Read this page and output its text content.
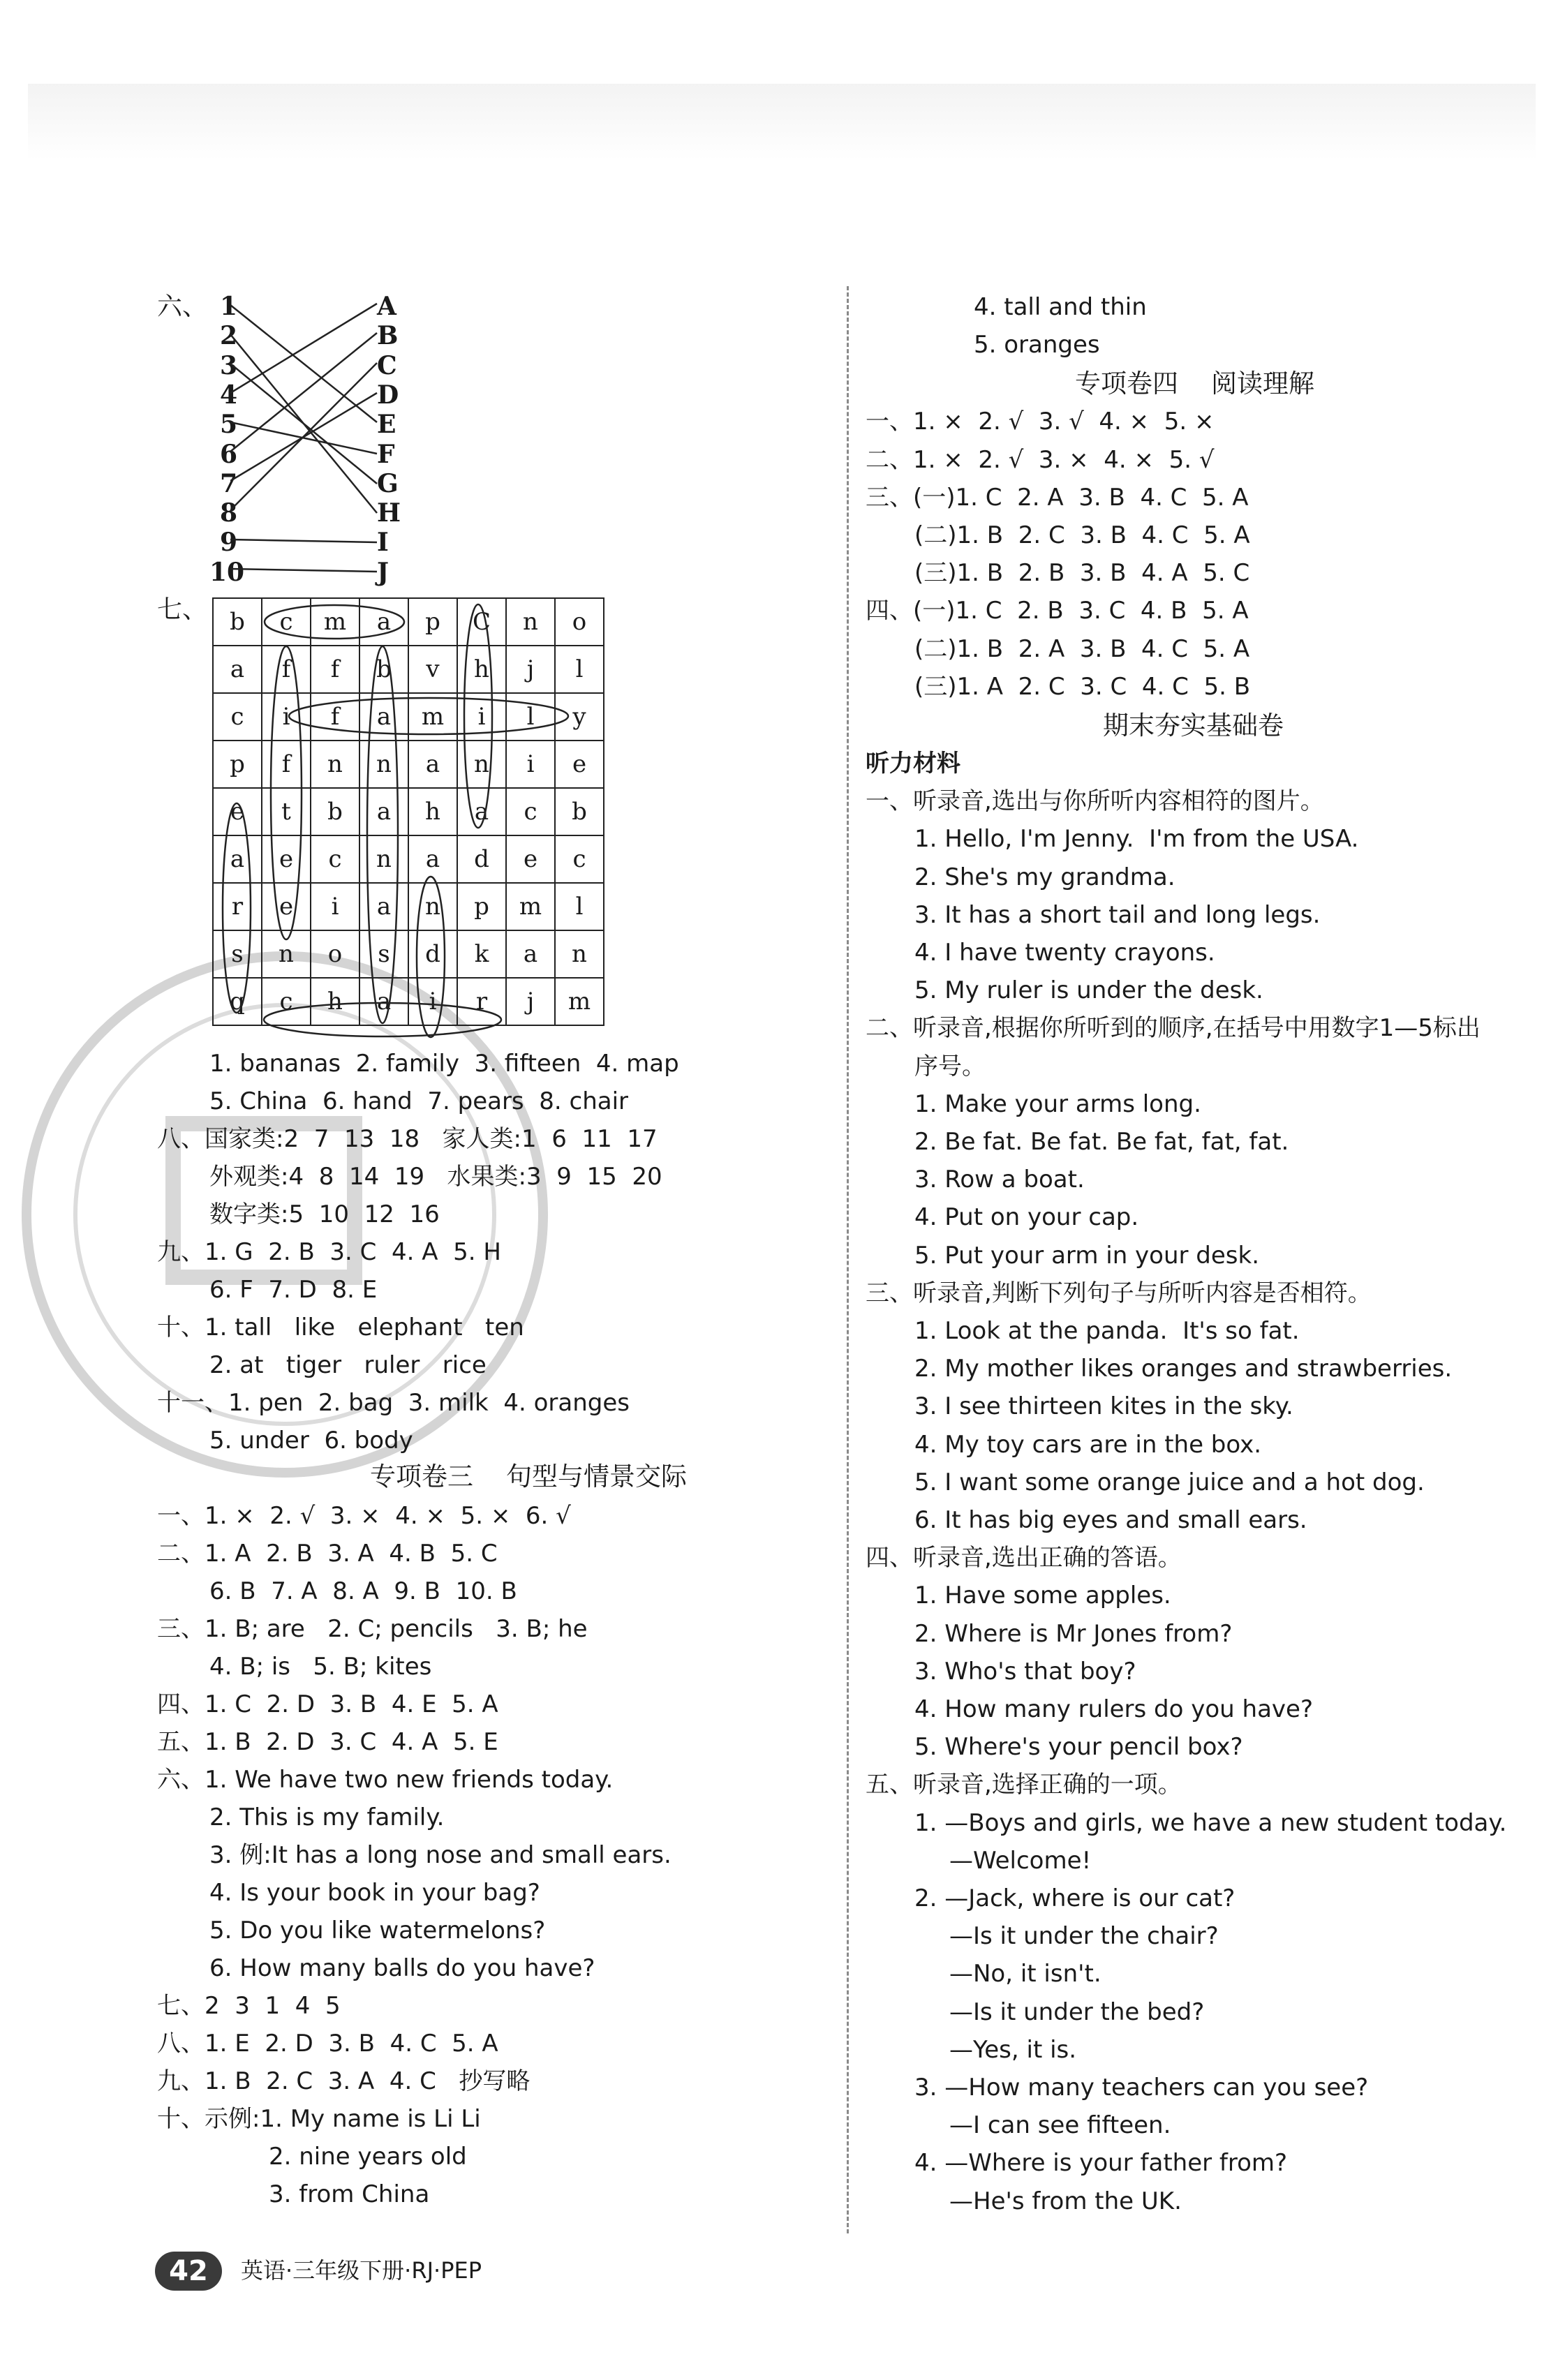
六、 1
2
3
4
5
6
7
8
9
10
A
B
C
D
E
F
G
H
I
J
七、 b	c	m	a	p	C	n	o
a	f	f	b	v	h	j	l
c	i	f	a	m	i	l	y
p	f	n	n	a	n	i	e
e	t	b	a	h	a	c	b
a	e	c	n	a	d	e	c
r	e	i	a	n	p	m	l
s	n	o	s	d	k	a	n
q	c	h	a	i	r	j	m
1. bananas  2. family  3. fifteen  4. map
5. China  6. hand  7. pears  8. chair
八、国家类:2  7  13  18   家人类:1  6  11  17
外观类:4  8  14  19   水果类:3  9  15  20
数字类:5  10  12  16
九、1. G  2. B  3. C  4. A  5. H
6. F  7. D  8. E
十、1. tall   like   elephant   ten
2. at   tiger   ruler   rice
十一、1. pen  2. bag  3. milk  4. oranges
5. under  6. body
专项卷三    句型与情景交际
一、1. ×  2. √  3. ×  4. ×  5. ×  6. √
二、1. A  2. B  3. A  4. B  5. C
6. B  7. A  8. A  9. B  10. B
三、1. B; are   2. C; pencils   3. B; he
4. B; is   5. B; kites
四、1. C  2. D  3. B  4. E  5. A
五、1. B  2. D  3. C  4. A  5. E
六、1. We have two new friends today.
2. This is my family.
3. 例:It has a long nose and small ears.
4. Is your book in your bag?
5. Do you like watermelons?
6. How many balls do you have?
七、2  3  1  4  5
八、1. E  2. D  3. B  4. C  5. A
九、1. B  2. C  3. A  4. C   抄写略
十、示例:1. My name is Li Li
2. nine years old
3. from China
4. tall and thin
5. oranges
专项卷四    阅读理解
一、1. ×  2. √  3. √  4. ×  5. ×
二、1. ×  2. √  3. ×  4. ×  5. √
三、(一)1. C  2. A  3. B  4. C  5. A
(二)1. B  2. C  3. B  4. C  5. A
(三)1. B  2. B  3. B  4. A  5. C
四、(一)1. C  2. B  3. C  4. B  5. A
(二)1. B  2. A  3. B  4. C  5. A
(三)1. A  2. C  3. C  4. C  5. B
期末夯实基础卷
听力材料
一、听录音,选出与你所听内容相符的图片。
1. Hello, I'm Jenny.  I'm from the USA.
2. She's my grandma.
3. It has a short tail and long legs.
4. I have twenty crayons.
5. My ruler is under the desk.
二、听录音,根据你所听到的顺序,在括号中用数字1—5标出
序号。
1. Make your arms long.
2. Be fat. Be fat. Be fat, fat, fat.
3. Row a boat.
4. Put on your cap.
5. Put your arm in your desk.
三、听录音,判断下列句子与所听内容是否相符。
1. Look at the panda.  It's so fat.
2. My mother likes oranges and strawberries.
3. I see thirteen kites in the sky.
4. My toy cars are in the box.
5. I want some orange juice and a hot dog.
6. It has big eyes and small ears.
四、听录音,选出正确的答语。
1. Have some apples.
2. Where is Mr Jones from?
3. Who's that boy?
4. How many rulers do you have?
5. Where's your pencil box?
五、听录音,选择正确的一项。
1. —Boys and girls, we have a new student today.
—Welcome!
2. —Jack, where is our cat?
—Is it under the chair?
—No, it isn't.
—Is it under the bed?
—Yes, it is.
3. —How many teachers can you see?
—I can see fifteen.
4. —Where is your father from?
—He's from the UK.
42	英语·三年级下册·RJ·PEP
